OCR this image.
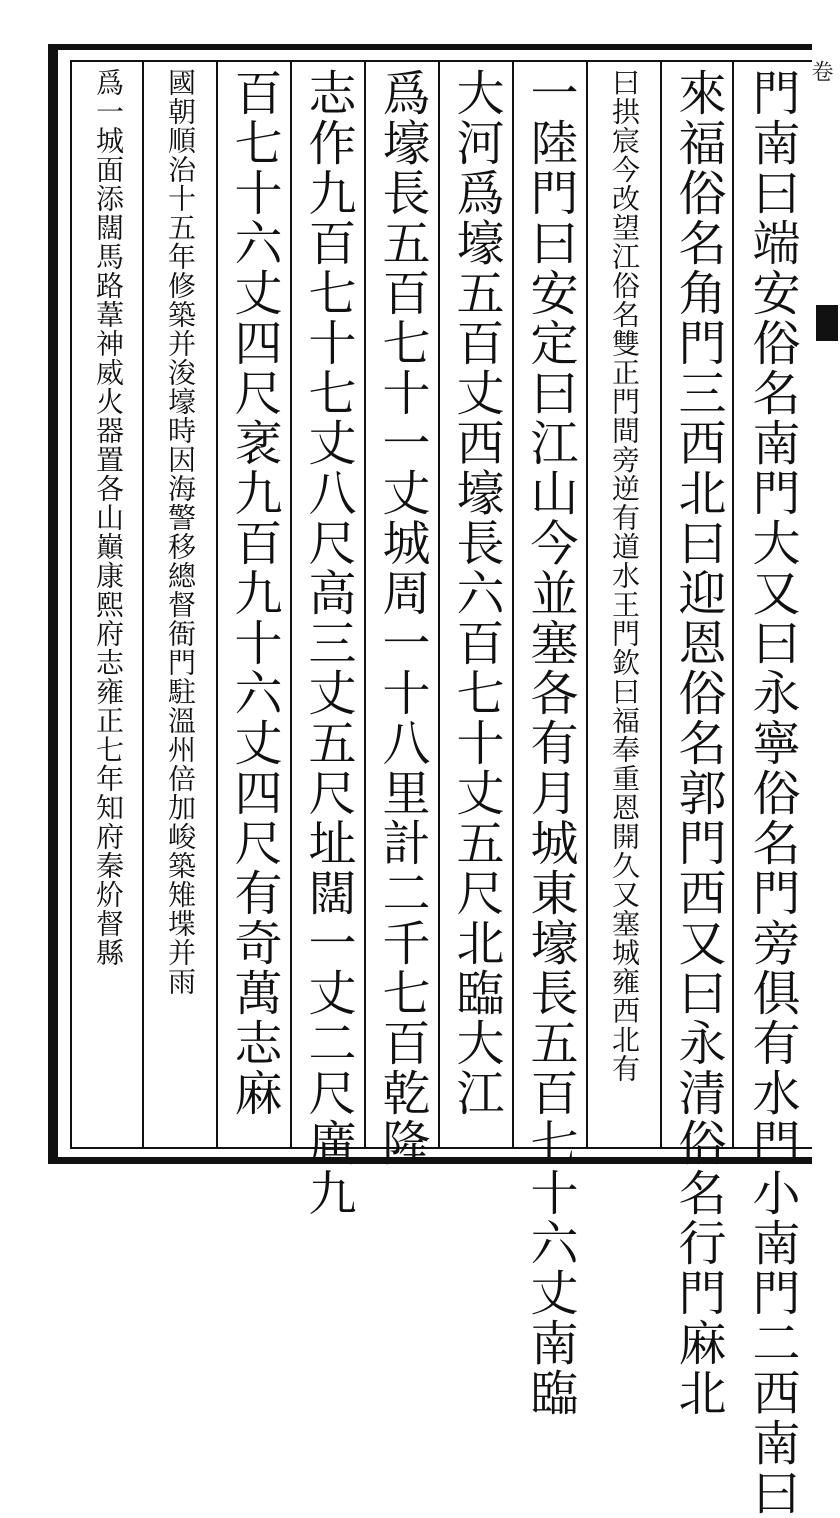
門南曰端安俗名南門大又曰永寧俗名門旁俱有水門小南門二西南曰
來福俗名角門三西北曰迎恩俗名郭門西又曰永清俗名行門麻北
曰拱宸今改望江俗名雙正門間旁逆有道水王門欽曰福奉重恩開久又塞城雍西北有
一陸門曰安定曰江山今並塞各有月城東壕長五百七十六丈南臨
大河爲壕五百丈西壕長六百七十丈五尺北臨大江
爲壕長五百七十一丈城周一十八里計二千七百乾隆
志作九百七十七丈八尺高三丈五尺址闊一丈二尺廣九
百七十六丈四尺衺九百九十六丈四尺有奇萬志麻
國朝順治十五年修築并浚壕時因海警移總督衙門駐溫州倍加峻築雉堞并雨
爲一城面添闊馬路葦神威火器置各山巔康熙府志雍正七年知府秦炌督縣	卷
